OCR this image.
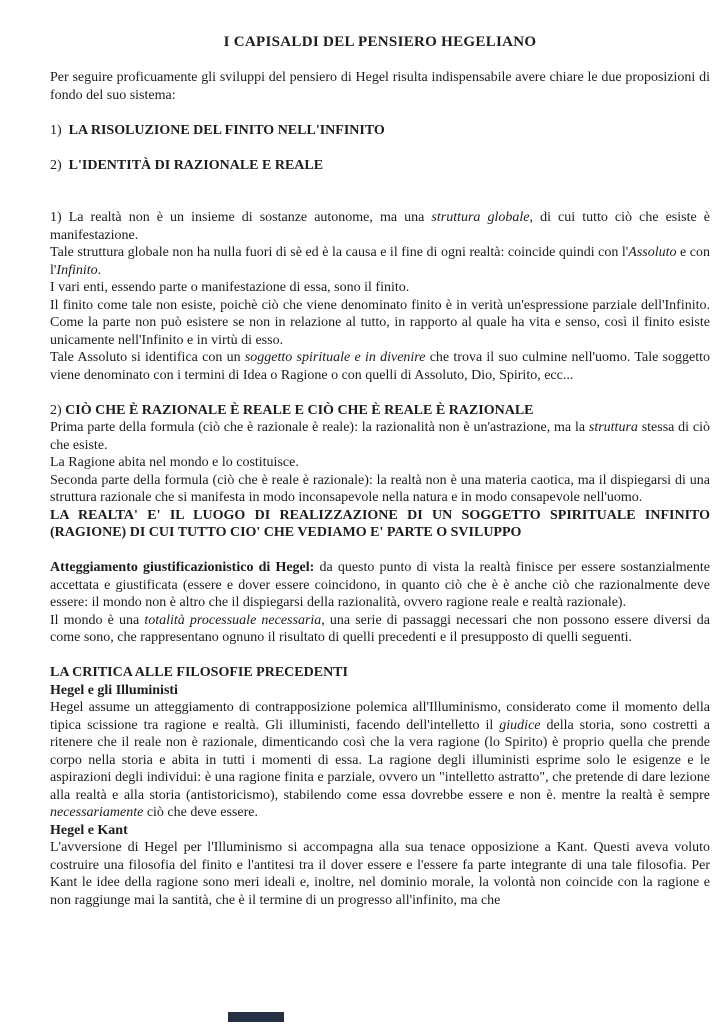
I CAPISALDI DEL PENSIERO HEGELIANO

Per seguire proficuamente gli sviluppi del pensiero di Hegel risulta indispensabile avere chiare le due proposizioni di fondo del suo sistema:

1)  LA RISOLUZIONE DEL FINITO NELL'INFINITO

2)  L'IDENTITÀ DI RAZIONALE E REALE

1) La realtà non è un insieme di sostanze autonome, ma una struttura globale, di cui tutto ciò che esiste è manifestazione.

Tale struttura globale non ha nulla fuori di sè ed è la causa e il fine di ogni realtà: coincide quindi con l'Assoluto e con l'Infinito.

I vari enti, essendo parte o manifestazione di essa, sono il finito.

Il finito come tale non esiste, poichè ciò che viene denominato finito è in verità un'espressione parziale dell'Infinito. Come la parte non può esistere se non in relazione al tutto, in rapporto al quale ha vita e senso, così il finito esiste unicamente nell'Infinito e in virtù di esso.

Tale Assoluto si identifica con un soggetto spirituale e in divenire che trova il suo culmine nell'uomo. Tale soggetto viene denominato con i termini di Idea o Ragione o con quelli di Assoluto, Dio, Spirito, ecc...

2) CIÒ CHE È RAZIONALE È REALE E CIÒ CHE È REALE È RAZIONALE

Prima parte della formula (ciò che è razionale è reale): la razionalità non è un'astrazione, ma la struttura stessa di ciò che esiste.

La Ragione abita nel mondo e lo costituisce.

Seconda parte della formula (ciò che è reale è razionale): la realtà non è una materia caotica, ma il dispiegarsi di una struttura razionale che si manifesta in modo inconsapevole nella natura e in modo consapevole nell'uomo.

LA REALTA' E' IL LUOGO DI REALIZZAZIONE DI UN SOGGETTO SPIRITUALE INFINITO (RAGIONE) DI CUI TUTTO CIO' CHE VEDIAMO E' PARTE O SVILUPPO

Atteggiamento giustificazionistico di Hegel: da questo punto di vista la realtà finisce per essere sostanzialmente accettata e giustificata (essere e dover essere coincidono, in quanto ciò che è è anche ciò che razionalmente deve essere: il mondo non è altro che il dispiegarsi della razionalità, ovvero ragione reale e realtà razionale).

Il mondo è una totalità processuale necessaria, una serie di passaggi necessari che non possono essere diversi da come sono, che rappresentano ognuno il risultato di quelli precedenti e il presupposto di quelli seguenti.

LA CRITICA ALLE FILOSOFIE PRECEDENTI

Hegel e gli Illuministi

Hegel assume un atteggiamento di contrapposizione polemica all'Illuminismo, considerato come il momento della tipica scissione tra ragione e realtà. Gli illuministi, facendo dell'intelletto il giudice della storia, sono costretti a ritenere che il reale non è razionale, dimenticando così che la vera ragione (lo Spirito) è proprio quella che prende corpo nella storia e abita in tutti i momenti di essa. La ragione degli illuministi esprime solo le esigenze e le aspirazioni degli individui: è una ragione finita e parziale, ovvero un "intelletto astratto", che pretende di dare lezione alla realtà e alla storia (antistoricismo), stabilendo come essa dovrebbe essere e non è. mentre la realtà è sempre necessariamente ciò che deve essere.

Hegel e Kant

L'avversione di Hegel per l'Illuminismo si accompagna alla sua tenace opposizione a Kant. Questi aveva voluto costruire una filosofia del finito e l'antitesi tra il dover essere e l'essere fa parte integrante di una tale filosofia. Per Kant le idee della ragione sono meri ideali e, inoltre, nel dominio morale, la volontà non coincide con la ragione e non raggiunge mai la santità, che è il termine di un progresso all'infinito, ma che
